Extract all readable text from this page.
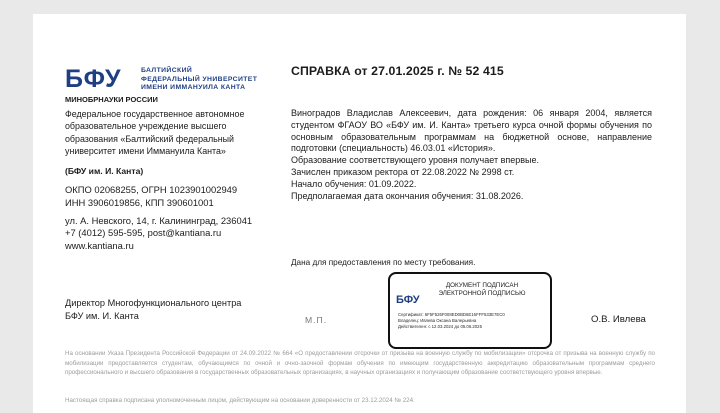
БФУ	БАЛТИЙСКИЙ
ФЕДЕРАЛЬНЫЙ УНИВЕРСИТЕТ
ИМЕНИ ИММАНУИЛА КАНТА
МИНОБРНАУКИ РОССИИ
Федеральное государственное автономное образовательное учреждение высшего образования «Балтийский федеральный университет имени Иммануила Канта»
(БФУ им. И. Канта)
ОКПО 02068255, ОГРН 1023901002949
ИНН 3906019856, КПП 390601001
ул. А. Невского, 14, г. Калининград, 236041
+7 (4012) 595-595, post@kantiana.ru
www.kantiana.ru
СПРАВКА от 27.01.2025 г. № 52 415

Виноградов Владислав Алексеевич, дата рождения: 06 января 2004, является студентом ФГАОУ ВО «БФУ им. И. Канта» третьего курса очной формы обучения по основным образовательным программам на бюджетной основе, направление подготовки (специальность) 46.03.01 «История».

Образование соответствующего уровня получает впервые.

Зачислен приказом ректора от 22.08.2022 № 2998 ст.

Начало обучения: 01.09.2022.

Предполагаемая дата окончания обучения: 31.08.2026.

Дана для предоставления по месту требования.
Директор Многофункционального центра
БФУ им. И. Канта	М.П.
ДОКУМЕНТ ПОДПИСАН
ЭЛЕКТРОННОЙ ПОДПИСЬЮ
БФУ
Сертификат: 6F5F526F008ED0BD6E16FFF533E7EC0
Владелец: Ивлева Оксана Валерьевна
Действителен: с 12.03.2024 до 05.06.2025
О.В. Ивлева
На основании Указа Президента Российской Федерации от 24.09.2022 № 664 «О предоставлении отсрочки от призыва на военную службу по мобилизации» отсрочка от призыва на военную службу по мобилизации предоставляется студентам, обучающимся по очной и очно-заочной формам обучения по имеющим государственную аккредитацию образовательным программам среднего профессионального и высшего образования в государственных образовательных организациях, в научных организациях и получающим образование соответствующего уровня впервые.
Настоящая справка подписана уполномоченным лицом, действующим на основании доверенности от 23.12.2024 № 224.
